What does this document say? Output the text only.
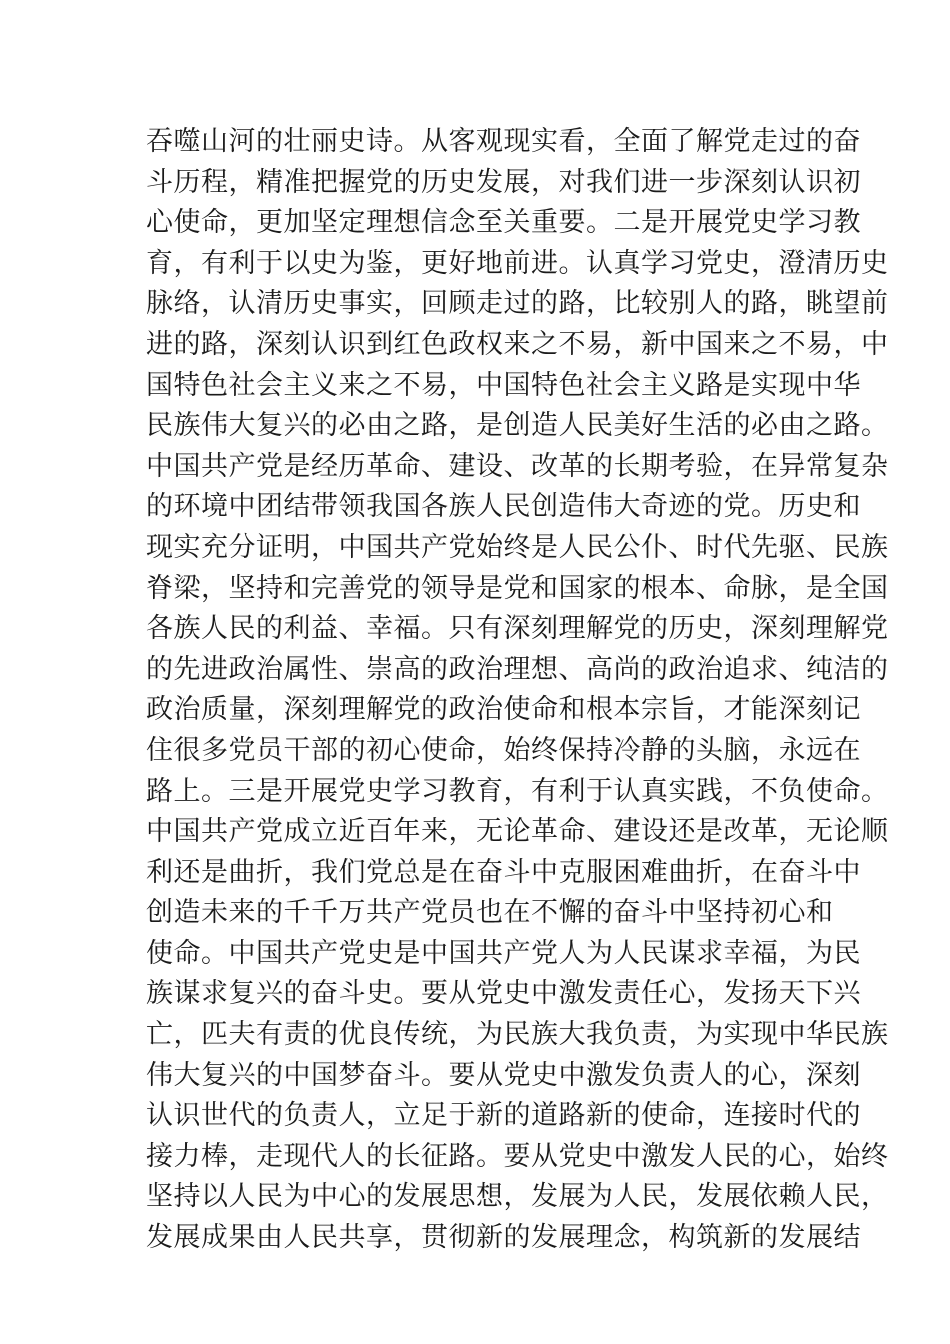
吞噬山河的壮丽史诗。从客观现实看，全面了解党走过的奋
斗历程，精准把握党的历史发展，对我们进一步深刻认识初
心使命，更加坚定理想信念至关重要。二是开展党史学习教
育，有利于以史为鉴，更好地前进。认真学习党史，澄清历史
脉络，认清历史事实，回顾走过的路，比较别人的路，眺望前
进的路，深刻认识到红色政权来之不易，新中国来之不易，中
国特色社会主义来之不易，中国特色社会主义路是实现中华
民族伟大复兴的必由之路，是创造人民美好生活的必由之路。
中国共产党是经历革命、建设、改革的长期考验，在异常复杂
的环境中团结带领我国各族人民创造伟大奇迹的党。历史和
现实充分证明，中国共产党始终是人民公仆、时代先驱、民族
脊梁，坚持和完善党的领导是党和国家的根本、命脉，是全国
各族人民的利益、幸福。只有深刻理解党的历史，深刻理解党
的先进政治属性、崇高的政治理想、高尚的政治追求、纯洁的
政治质量，深刻理解党的政治使命和根本宗旨，才能深刻记
住很多党员干部的初心使命，始终保持冷静的头脑，永远在
路上。三是开展党史学习教育，有利于认真实践，不负使命。
中国共产党成立近百年来，无论革命、建设还是改革，无论顺
利还是曲折，我们党总是在奋斗中克服困难曲折，在奋斗中
创造未来的千千万共产党员也在不懈的奋斗中坚持初心和
使命。中国共产党史是中国共产党人为人民谋求幸福，为民
族谋求复兴的奋斗史。要从党史中激发责任心，发扬天下兴
亡，匹夫有责的优良传统，为民族大我负责，为实现中华民族
伟大复兴的中国梦奋斗。要从党史中激发负责人的心，深刻
认识世代的负责人，立足于新的道路新的使命，连接时代的
接力棒，走现代人的长征路。要从党史中激发人民的心，始终
坚持以人民为中心的发展思想，发展为人民，发展依赖人民，
发展成果由人民共享，贯彻新的发展理念，构筑新的发展结
